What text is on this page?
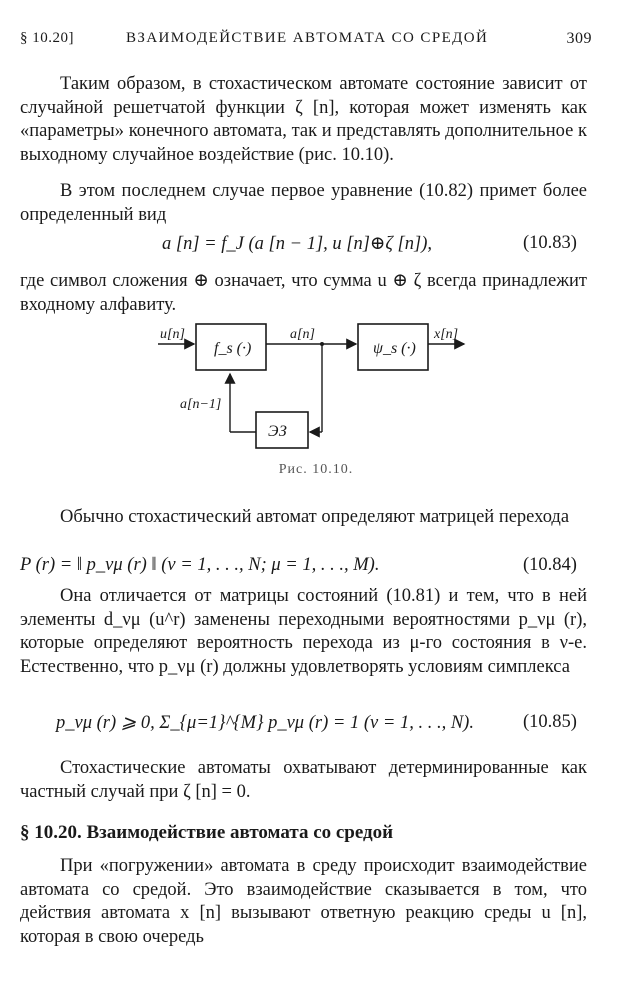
§ 10.20]	ВЗАИМОДЕЙСТВИЕ АВТОМАТА СО СРЕДОЙ	309
Таким образом, в стохастическом автомате состояние зависит от случайной решетчатой функции ζ [n], которая может изменять как «параметры» конечного автомата, так и представлять дополнительное к выходному случайное воздействие (рис. 10.10).
В этом последнем случае первое уравнение (10.82) примет более определенный вид
a [n] = f_J (a [n − 1], u [n]⊕ζ [n]),	(10.83)
где символ сложения ⊕ означает, что сумма u ⊕ ζ всегда принадлежит входному алфавиту.
u[n]
f_s (·)
a[n]
ψ_s (·)
x[n]
ЭЗ
a[n−1]
Рис. 10.10.
Обычно стохастический автомат определяют матрицей перехода
P (r) = ‖ p_νμ (r) ‖ (ν = 1, . . ., N; μ = 1, . . ., M).	(10.84)
Она отличается от матрицы состояний (10.81) и тем, что в ней элементы d_νμ (u^r) заменены переходными вероятностями p_νμ (r), которые определяют вероятность перехода из μ-го состояния в ν-е. Естественно, что p_νμ (r) должны удовлетворять условиям симплекса
p_νμ (r) ⩾ 0, Σ_{μ=1}^{M} p_νμ (r) = 1 (ν = 1, . . ., N).	(10.85)
Стохастические автоматы охватывают детерминированные как частный случай при ζ [n] = 0.
§ 10.20. Взаимодействие автомата со средой
При «погружении» автомата в среду происходит взаимодействие автомата со средой. Это взаимодействие сказывается в том, что действия автомата x [n] вызывают ответную реакцию среды u [n], которая в свою очередь
